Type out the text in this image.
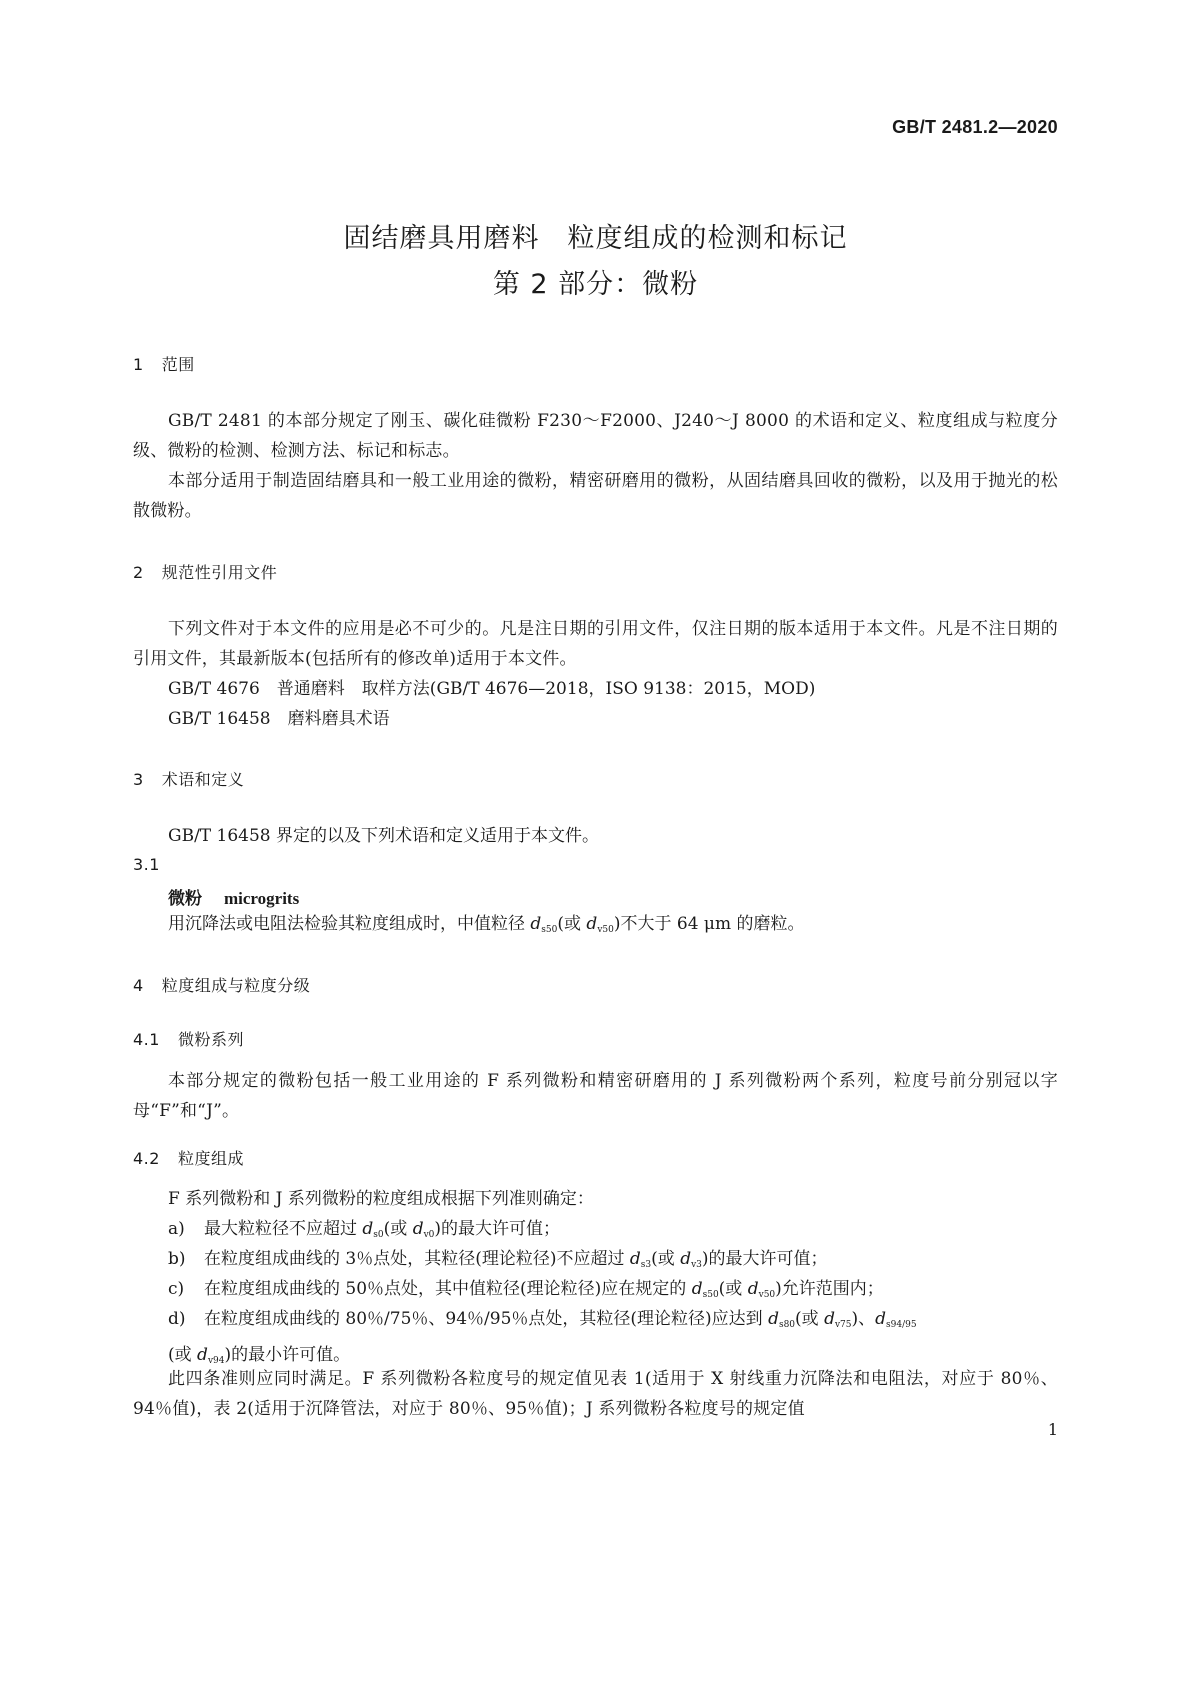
GB/T 2481.2—2020
固结磨具用磨料　粒度组成的检测和标记
第 2 部分：微粉
1 范围
GB/T 2481 的本部分规定了刚玉、碳化硅微粉 F230～F2000、J240～J 8000 的术语和定义、粒度组成与粒度分级、微粉的检测、检测方法、标记和标志。
本部分适用于制造固结磨具和一般工业用途的微粉，精密研磨用的微粉，从固结磨具回收的微粉，以及用于抛光的松散微粉。
2 规范性引用文件
下列文件对于本文件的应用是必不可少的。凡是注日期的引用文件，仅注日期的版本适用于本文件。凡是不注日期的引用文件，其最新版本(包括所有的修改单)适用于本文件。
GB/T 4676　普通磨料　取样方法(GB/T 4676—2018，ISO 9138：2015，MOD)
GB/T 16458　磨料磨具术语
3 术语和定义
GB/T 16458 界定的以及下列术语和定义适用于本文件。
3.1
微粉 microgrits
用沉降法或电阻法检验其粒度组成时，中值粒径 $d_{s50}$(或 $d_{v50}$)不大于 64 μm 的磨粒。
4 粒度组成与粒度分级
4.1 微粉系列
本部分规定的微粉包括一般工业用途的 F 系列微粉和精密研磨用的 J 系列微粉两个系列，粒度号前分别冠以字母“F”和“J”。
4.2 粒度组成
F 系列微粉和 J 系列微粉的粒度组成根据下列准则确定：
a) 最大粒粒径不应超过 $d_{s0}$(或 $d_{v0}$)的最大许可值；
b) 在粒度组成曲线的 3％点处，其粒径(理论粒径)不应超过 $d_{s3}$(或 $d_{v3}$)的最大许可值；
c) 在粒度组成曲线的 50％点处，其中值粒径(理论粒径)应在规定的 $d_{s50}$(或 $d_{v50}$)允许范围内；
d) 在粒度组成曲线的 80％/75％、94％/95％点处，其粒径(理论粒径)应达到 $d_{s80}$(或 $d_{v75}$)、$d_{s94/95}$
(或 $d_{v94}$)的最小许可值。
此四条准则应同时满足。F 系列微粉各粒度号的规定值见表 1(适用于 X 射线重力沉降法和电阻法，对应于 80％、94％值)，表 2(适用于沉降管法，对应于 80％、95％值)；J 系列微粉各粒度号的规定值
1
